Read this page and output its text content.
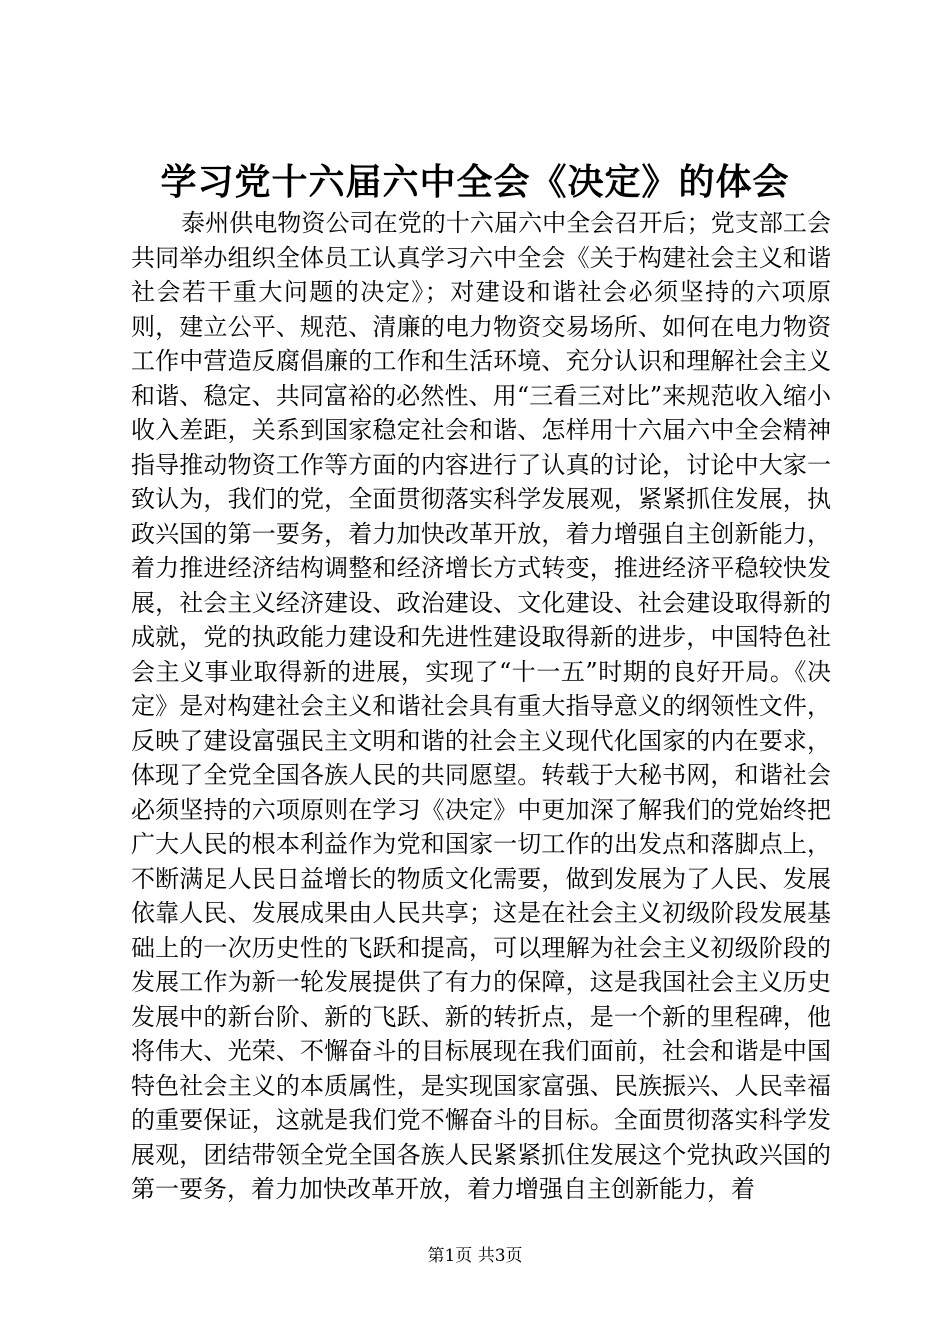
学习党十六届六中全会《决定》的体会

泰州供电物资公司在党的十六届六中全会召开后；党支部工会共同举办组织全体员工认真学习六中全会《关于构建社会主义和谐社会若干重大问题的决定》；对建设和谐社会必须坚持的六项原则，建立公平、规范、清廉的电力物资交易场所、如何在电力物资工作中营造反腐倡廉的工作和生活环境、充分认识和理解社会主义和谐、稳定、共同富裕的必然性、用“三看三对比”来规范收入缩小收入差距，关系到国家稳定社会和谐、怎样用十六届六中全会精神指导推动物资工作等方面的内容进行了认真的讨论，讨论中大家一致认为，我们的党，全面贯彻落实科学发展观，紧紧抓住发展，执政兴国的第一要务，着力加快改革开放，着力增强自主创新能力，着力推进经济结构调整和经济增长方式转变，推进经济平稳较快发展，社会主义经济建设、政治建设、文化建设、社会建设取得新的成就，党的执政能力建设和先进性建设取得新的进步，中国特色社会主义事业取得新的进展，实现了“十一五”时期的良好开局。《决定》是对构建社会主义和谐社会具有重大指导意义的纲领性文件，反映了建设富强民主文明和谐的社会主义现代化国家的内在要求，体现了全党全国各族人民的共同愿望。转载于大秘书网，和谐社会必须坚持的六项原则在学习《决定》中更加深了解我们的党始终把广大人民的根本利益作为党和国家一切工作的出发点和落脚点上，不断满足人民日益增长的物质文化需要，做到发展为了人民、发展依靠人民、发展成果由人民共享；这是在社会主义初级阶段发展基础上的一次历史性的飞跃和提高，可以理解为社会主义初级阶段的发展工作为新一轮发展提供了有力的保障，这是我国社会主义历史发展中的新台阶、新的飞跃、新的转折点，是一个新的里程碑，他将伟大、光荣、不懈奋斗的目标展现在我们面前，社会和谐是中国特色社会主义的本质属性，是实现国家富强、民族振兴、人民幸福的重要保证，这就是我们党不懈奋斗的目标。全面贯彻落实科学发展观，团结带领全党全国各族人民紧紧抓住发展这个党执政兴国的第一要务，着力加快改革开放，着力增强自主创新能力，着

第1页 共3页
